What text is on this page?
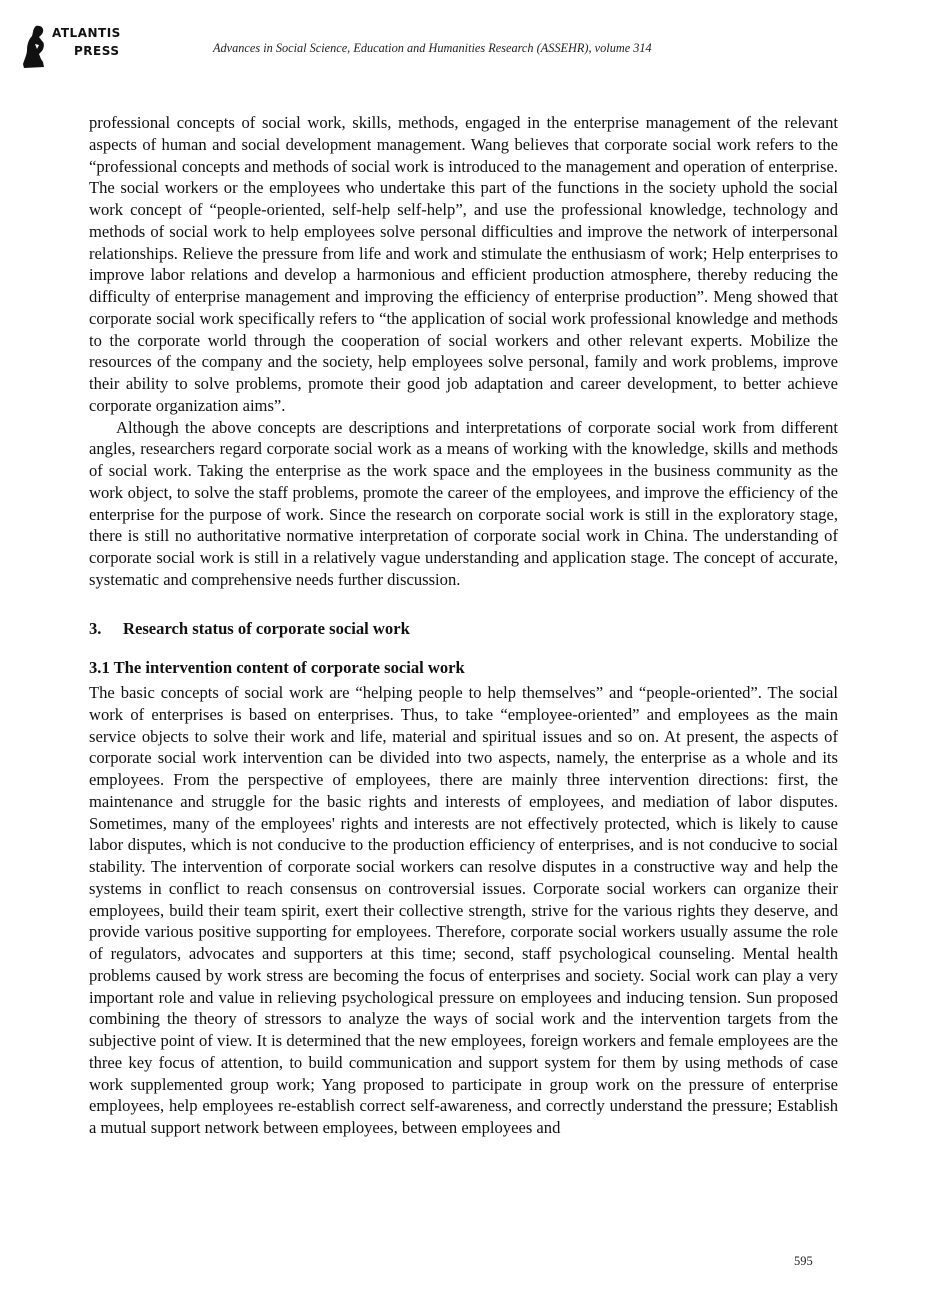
ATLANTIS
PRESS	Advances in Social Science, Education and Humanities Research (ASSEHR), volume 314

professional concepts of social work, skills, methods, engaged in the enterprise management of the relevant aspects of human and social development management. Wang believes that corporate social work refers to the “professional concepts and methods of social work is introduced to the management and operation of enterprise. The social workers or the employees who undertake this part of the functions in the society uphold the social work concept of “people-oriented, self-help self-help”, and use the professional knowledge, technology and methods of social work to help employees solve personal difficulties and improve the network of interpersonal relationships. Relieve the pressure from life and work and stimulate the enthusiasm of work; Help enterprises to improve labor relations and develop a harmonious and efficient production atmosphere, thereby reducing the difficulty of enterprise management and improving the efficiency of enterprise production”. Meng showed that corporate social work specifically refers to “the application of social work professional knowledge and methods to the corporate world through the cooperation of social workers and other relevant experts. Mobilize the resources of the company and the society, help employees solve personal, family and work problems, improve their ability to solve problems, promote their good job adaptation and career development, to better achieve corporate organization aims”.

Although the above concepts are descriptions and interpretations of corporate social work from different angles, researchers regard corporate social work as a means of working with the knowledge, skills and methods of social work. Taking the enterprise as the work space and the employees in the business community as the work object, to solve the staff problems, promote the career of the employees, and improve the efficiency of the enterprise for the purpose of work. Since the research on corporate social work is still in the exploratory stage, there is still no authoritative normative interpretation of corporate social work in China. The understanding of corporate social work is still in a relatively vague understanding and application stage. The concept of accurate, systematic and comprehensive needs further discussion.

3. Research status of corporate social work
3.1 The intervention content of corporate social work

The basic concepts of social work are “helping people to help themselves” and “people-oriented”. The social work of enterprises is based on enterprises. Thus, to take “employee-oriented” and employees as the main service objects to solve their work and life, material and spiritual issues and so on. At present, the aspects of corporate social work intervention can be divided into two aspects, namely, the enterprise as a whole and its employees. From the perspective of employees, there are mainly three intervention directions: first, the maintenance and struggle for the basic rights and interests of employees, and mediation of labor disputes. Sometimes, many of the employees' rights and interests are not effectively protected, which is likely to cause labor disputes, which is not conducive to the production efficiency of enterprises, and is not conducive to social stability. The intervention of corporate social workers can resolve disputes in a constructive way and help the systems in conflict to reach consensus on controversial issues. Corporate social workers can organize their employees, build their team spirit, exert their collective strength, strive for the various rights they deserve, and provide various positive supporting for employees. Therefore, corporate social workers usually assume the role of regulators, advocates and supporters at this time; second, staff psychological counseling. Mental health problems caused by work stress are becoming the focus of enterprises and society. Social work can play a very important role and value in relieving psychological pressure on employees and inducing tension. Sun proposed combining the theory of stressors to analyze the ways of social work and the intervention targets from the subjective point of view. It is determined that the new employees, foreign workers and female employees are the three key focus of attention, to build communication and support system for them by using methods of case work supplemented group work; Yang proposed to participate in group work on the pressure of enterprise employees, help employees re-establish correct self-awareness, and correctly understand the pressure; Establish a mutual support network between employees, between employees and

595
